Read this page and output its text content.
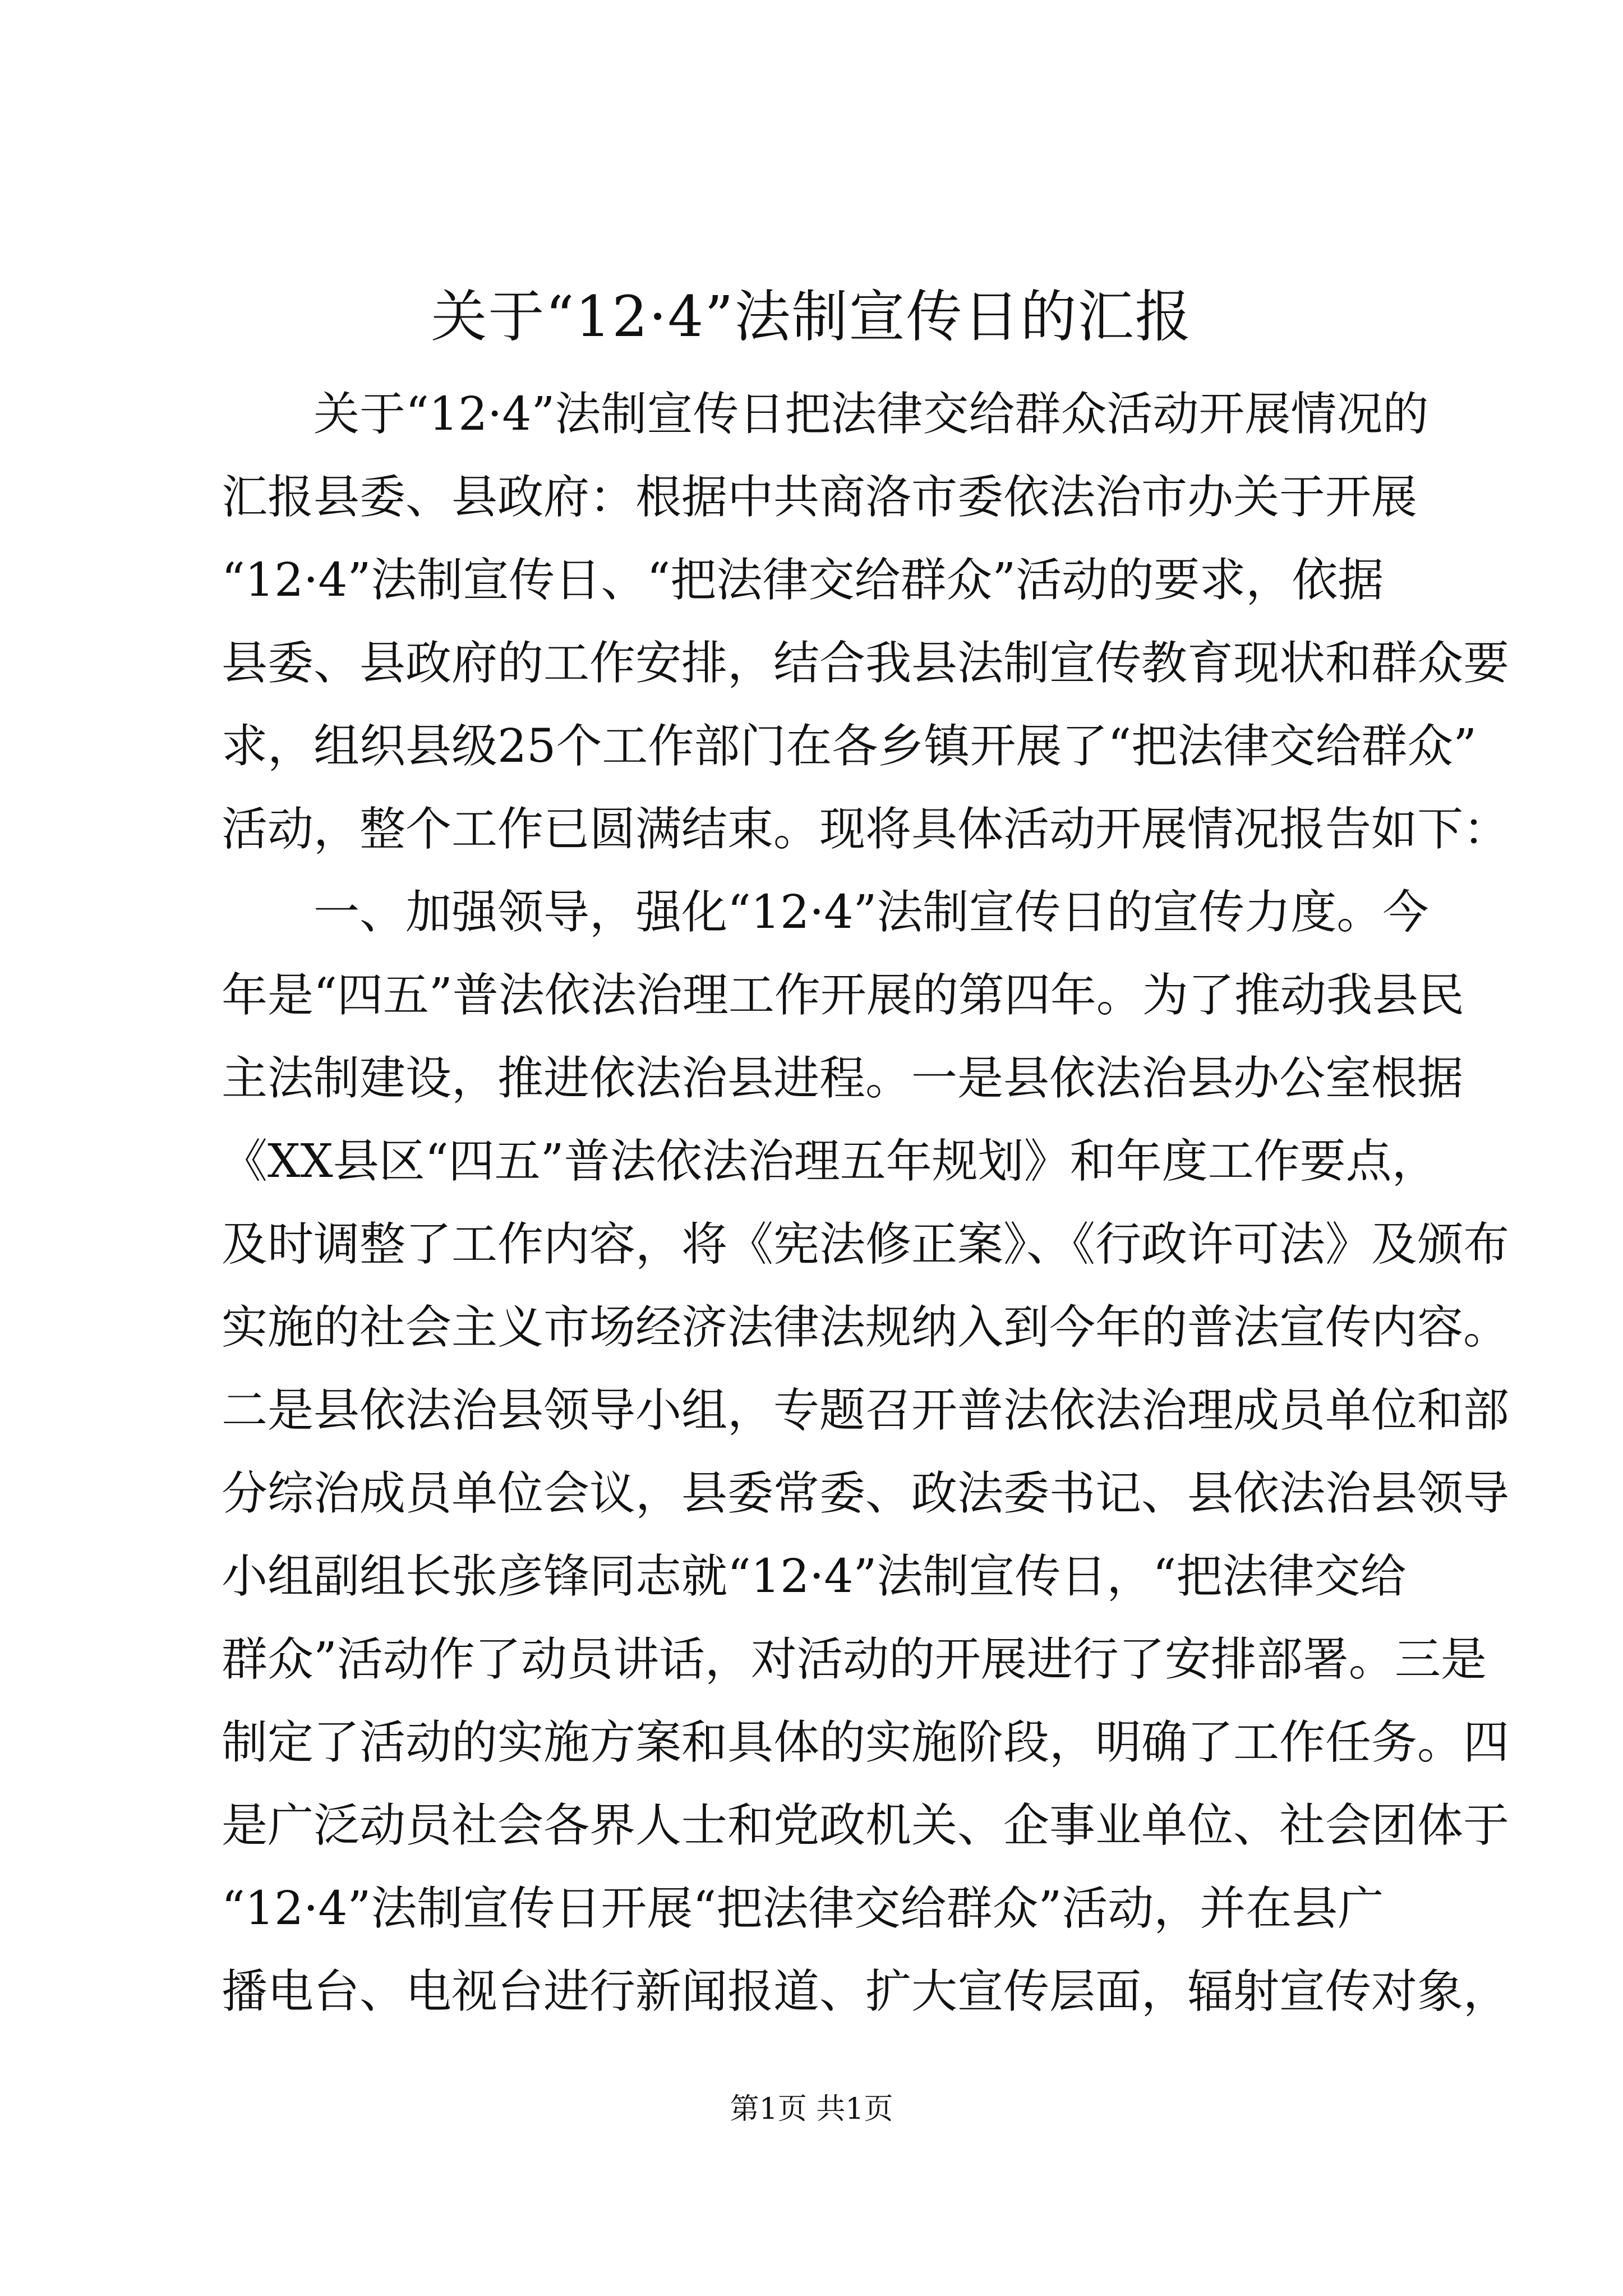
关于“12·4”法制宣传日的汇报
　　关于“12·4”法制宣传日把法律交给群众活动开展情况的
汇报县委、县政府：根据中共商洛市委依法治市办关于开展
“12·4”法制宣传日、“把法律交给群众”活动的要求，依据
县委、县政府的工作安排，结合我县法制宣传教育现状和群众要
求，组织县级25个工作部门在各乡镇开展了“把法律交给群众”
活动，整个工作已圆满结束。现将具体活动开展情况报告如下：
　　一、加强领导，强化“12·4”法制宣传日的宣传力度。今
年是“四五”普法依法治理工作开展的第四年。为了推动我县民
主法制建设，推进依法治县进程。一是县依法治县办公室根据
《XX县区“四五”普法依法治理五年规划》和年度工作要点，
及时调整了工作内容，将《宪法修正案》、《行政许可法》及颁布
实施的社会主义市场经济法律法规纳入到今年的普法宣传内容。
二是县依法治县领导小组，专题召开普法依法治理成员单位和部
分综治成员单位会议，县委常委、政法委书记、县依法治县领导
小组副组长张彦锋同志就“12·4”法制宣传日，“把法律交给
群众”活动作了动员讲话，对活动的开展进行了安排部署。三是
制定了活动的实施方案和具体的实施阶段，明确了工作任务。四
是广泛动员社会各界人士和党政机关、企事业单位、社会团体于
“12·4”法制宣传日开展“把法律交给群众”活动，并在县广
播电台、电视台进行新闻报道、扩大宣传层面，辐射宣传对象，
第1页 共1页
